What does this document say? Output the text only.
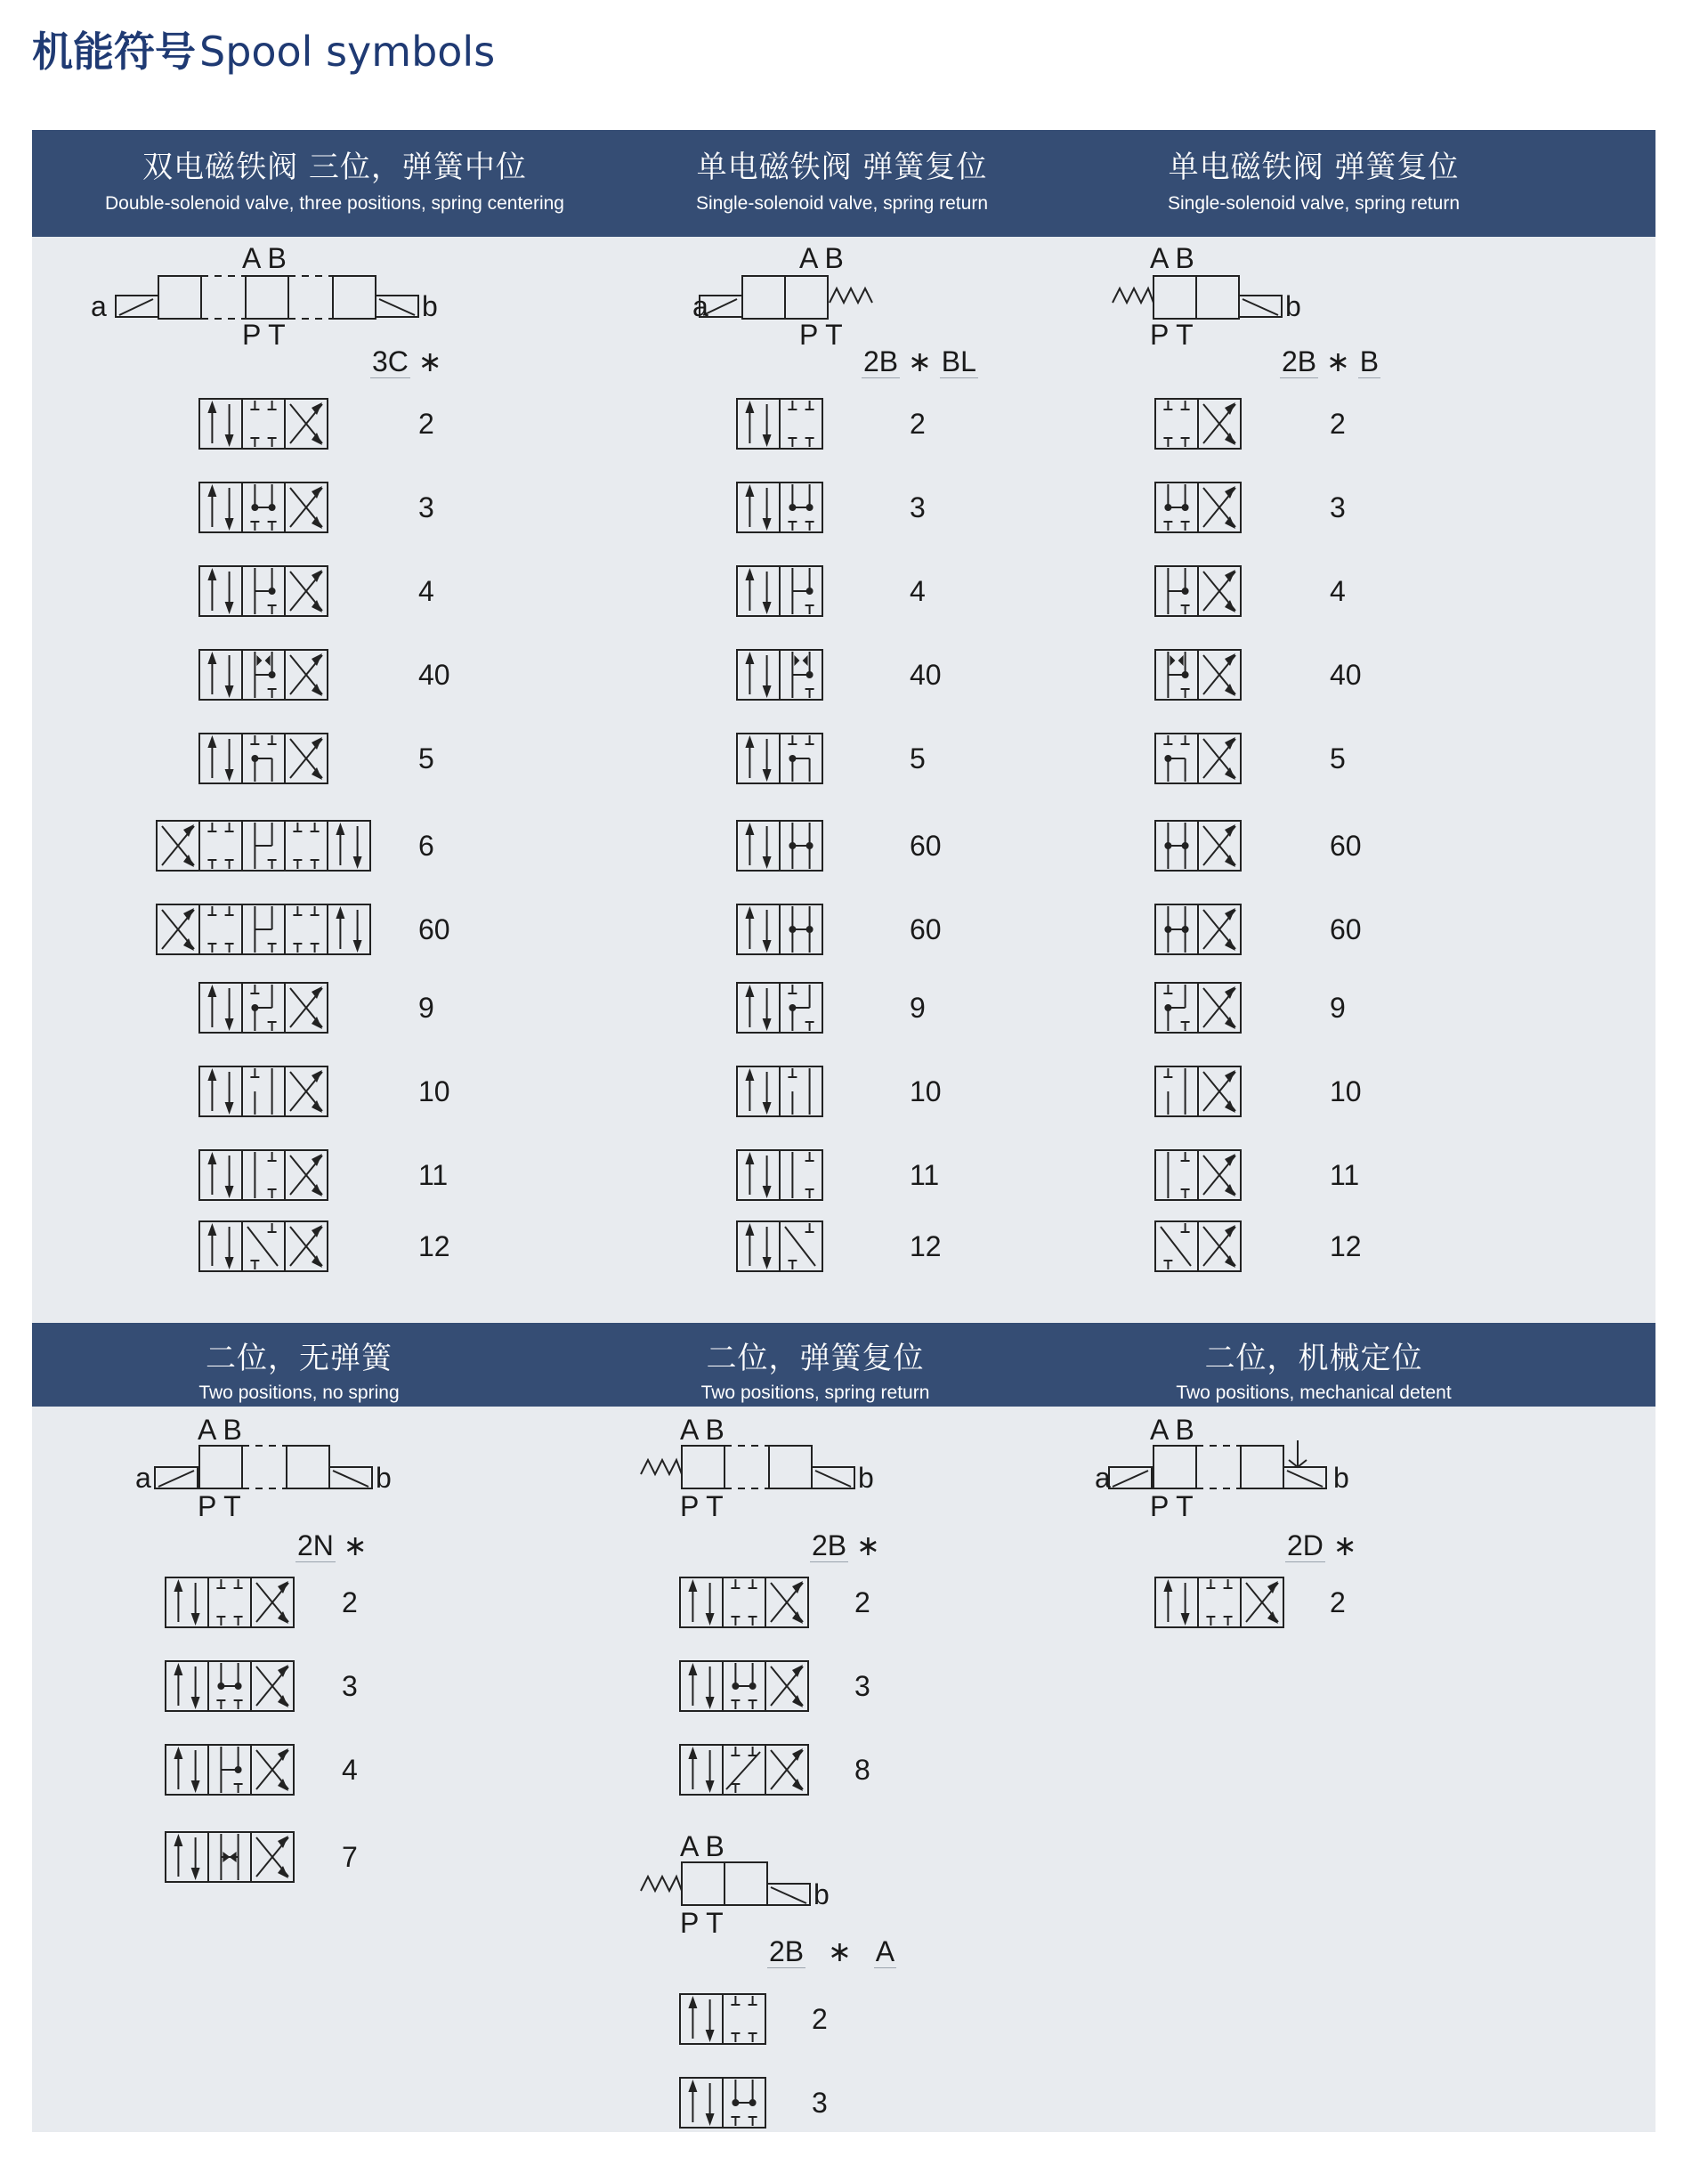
机能符号Spool symbols
双电磁铁阀 三位，弹簧中位
Double-solenoid valve, three positions, spring centering
单电磁铁阀 弹簧复位
Single-solenoid valve, spring return
单电磁铁阀 弹簧复位
Single-solenoid valve, spring return
二位，无弹簧
Two positions, no spring
二位，弹簧复位
Two positions, spring return
二位，机械定位
Two positions, mechanical detent
a	b
A B
P T
3C ∗
2
3
4
40
5
6
60
9
10
11
12
a
A B
P T
2B ∗ BL
2
3
4
40
5
60
60
9
10
11
12
b
A B
P T
2B ∗ B
2
3
4
40
5
60
60
9
10
11
12
a	b
A B
P T
2N ∗
2
3
4
7
b
A B
P T
2B ∗
2
3
8
b
A B
P T
2B ∗ A
2
3
a	b
A B
P T
2D ∗
2
